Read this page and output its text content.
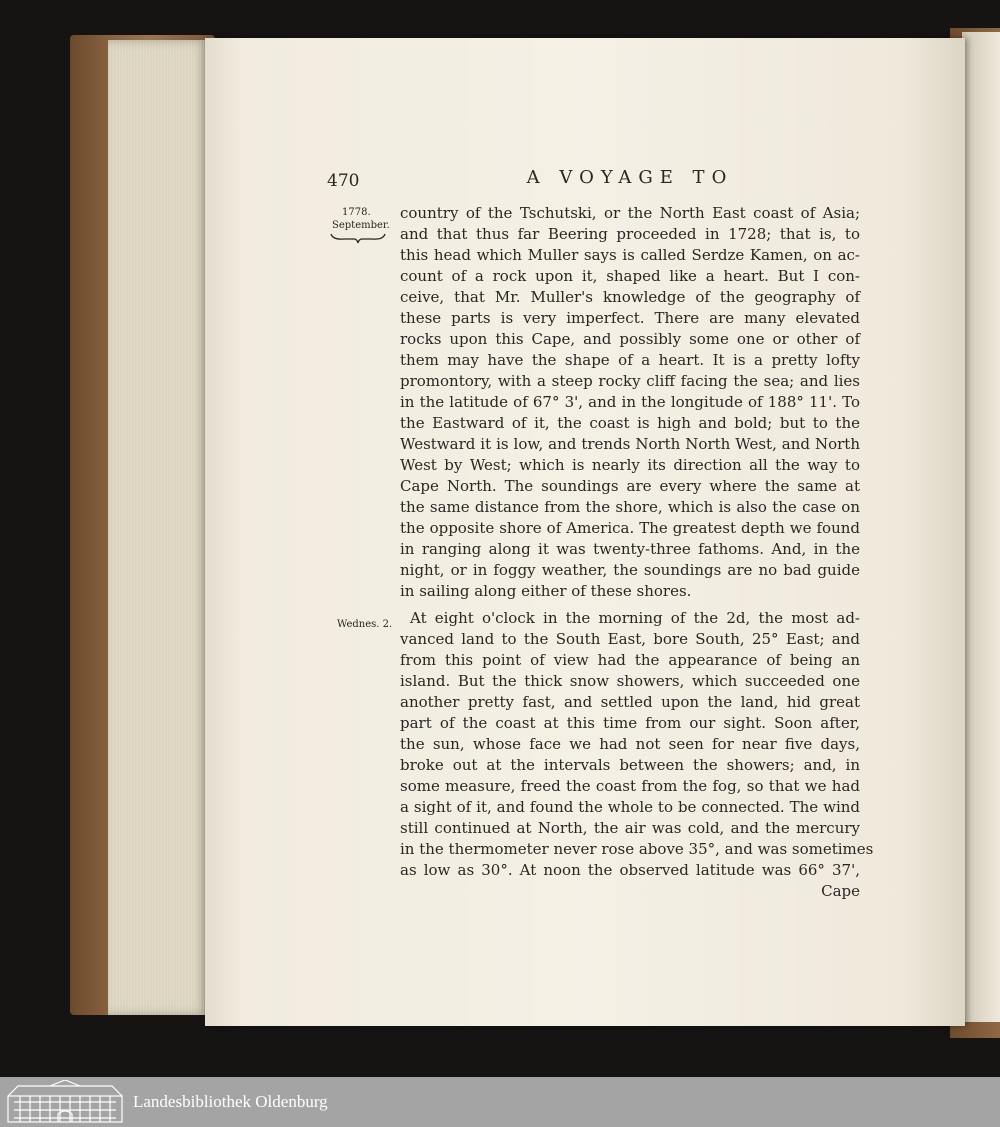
470	A VOYAGE TO
1778.
September.
Wednes. 2.

country of the Tschutski, or the North East coast of Asia;

and that thus far Beering proceeded in 1728; that is, to

this head which Muller says is called Serdze Kamen, on ac-

count of a rock upon it, shaped like a heart. But I con-

ceive, that Mr. Muller's knowledge of the geography of

these parts is very imperfect. There are many elevated

rocks upon this Cape, and possibly some one or other of

them may have the shape of a heart. It is a pretty lofty

promontory, with a steep rocky cliff facing the sea; and lies

in the latitude of 67° 3', and in the longitude of 188° 11'. To

the Eastward of it, the coast is high and bold; but to the

Westward it is low, and trends North North West, and North

West by West; which is nearly its direction all the way to

Cape North. The soundings are every where the same at

the same distance from the shore, which is also the case on

the opposite shore of America. The greatest depth we found

in ranging along it was twenty-three fathoms. And, in the

night, or in foggy weather, the soundings are no bad guide

in sailing along either of these shores.

At eight o'clock in the morning of the 2d, the most ad-

vanced land to the South East, bore South, 25° East; and

from this point of view had the appearance of being an

island. But the thick snow showers, which succeeded one

another pretty fast, and settled upon the land, hid great

part of the coast at this time from our sight. Soon after,

the sun, whose face we had not seen for near five days,

broke out at the intervals between the showers; and, in

some measure, freed the coast from the fog, so that we had

a sight of it, and found the whole to be connected. The wind

still continued at North, the air was cold, and the mercury

in the thermometer never rose above 35°, and was sometimes

as low as 30°. At noon the observed latitude was 66° 37',

Cape

Landesbibliothek Oldenburg
